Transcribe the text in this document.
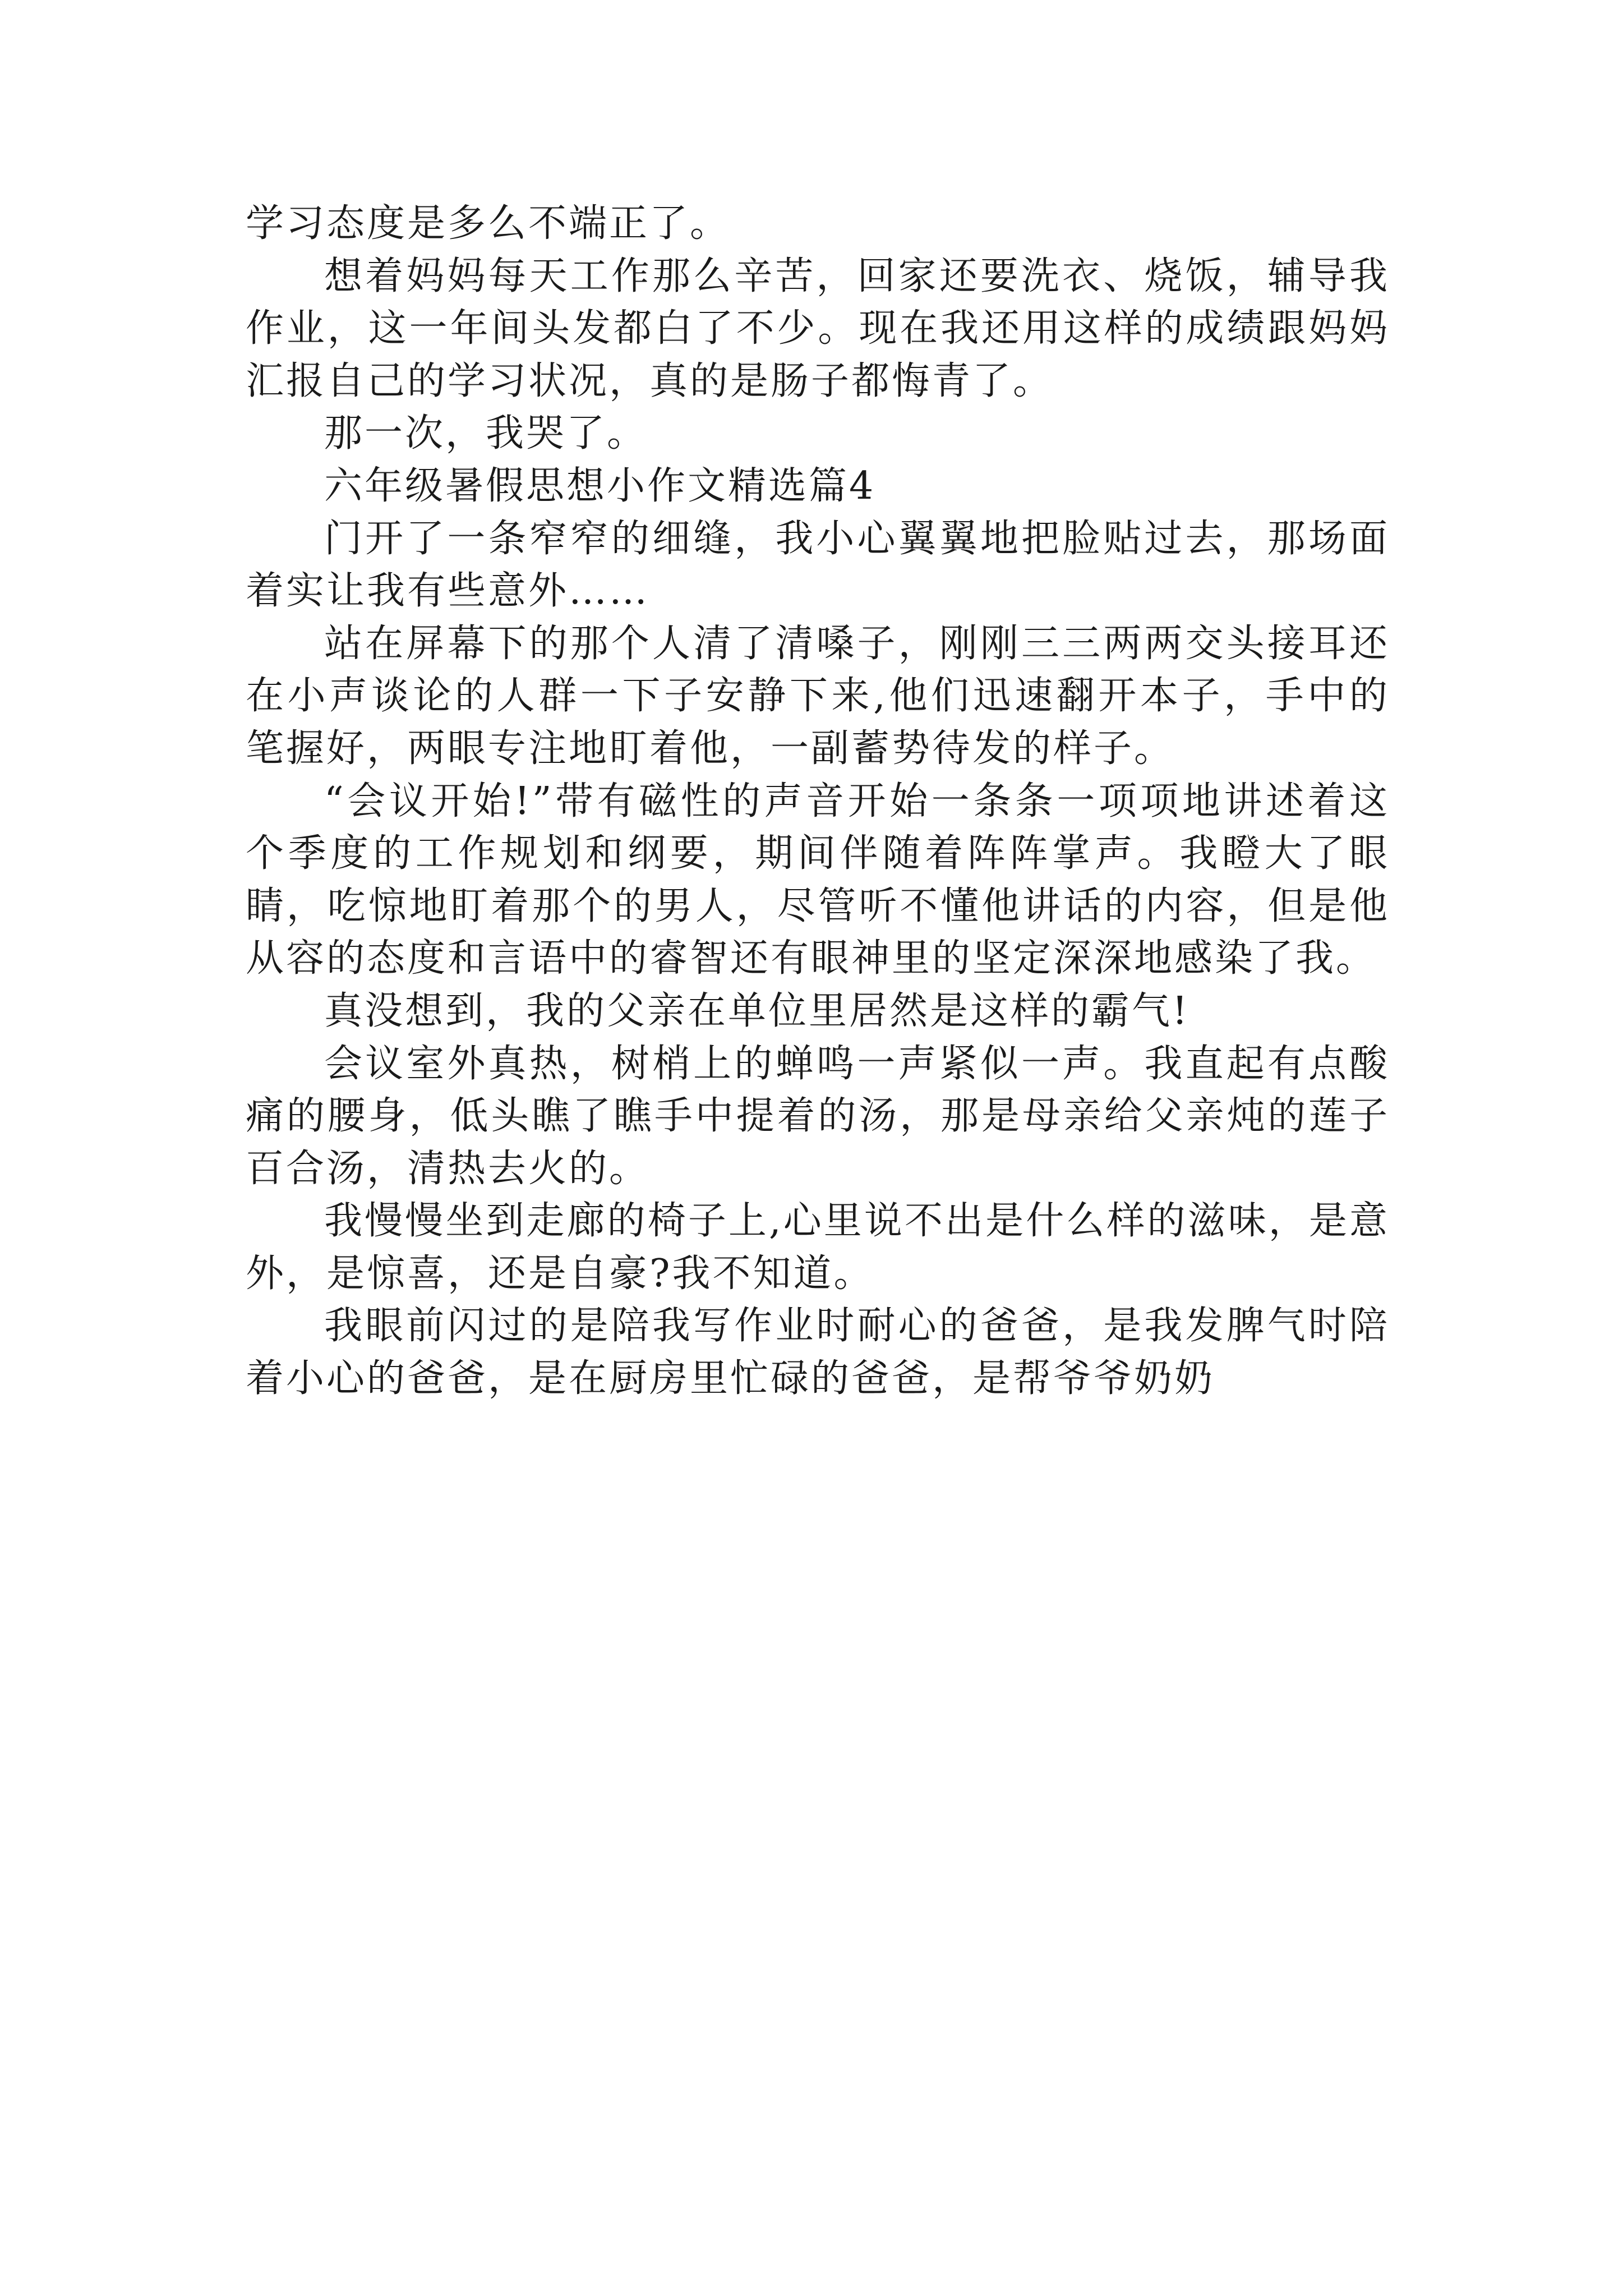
学习态度是多么不端正了。

想着妈妈每天工作那么辛苦，回家还要洗衣、烧饭，辅导我作业，这一年间头发都白了不少。现在我还用这样的成绩跟妈妈汇报自己的学习状况，真的是肠子都悔青了。

那一次，我哭了。

六年级暑假思想小作文精选篇4

门开了一条窄窄的细缝，我小心翼翼地把脸贴过去，那场面着实让我有些意外……

站在屏幕下的那个人清了清嗓子，刚刚三三两两交头接耳还在小声谈论的人群一下子安静下来,他们迅速翻开本子，手中的笔握好，两眼专注地盯着他，一副蓄势待发的样子。

“会议开始!”带有磁性的声音开始一条条一项项地讲述着这个季度的工作规划和纲要，期间伴随着阵阵掌声。我瞪大了眼睛，吃惊地盯着那个的男人，尽管听不懂他讲话的内容，但是他从容的态度和言语中的睿智还有眼神里的坚定深深地感染了我。

真没想到，我的父亲在单位里居然是这样的霸气!

会议室外真热，树梢上的蝉鸣一声紧似一声。我直起有点酸痛的腰身，低头瞧了瞧手中提着的汤，那是母亲给父亲炖的莲子百合汤，清热去火的。

我慢慢坐到走廊的椅子上,心里说不出是什么样的滋味，是意外，是惊喜，还是自豪?我不知道。

我眼前闪过的是陪我写作业时耐心的爸爸，是我发脾气时陪着小心的爸爸，是在厨房里忙碌的爸爸，是帮爷爷奶奶
